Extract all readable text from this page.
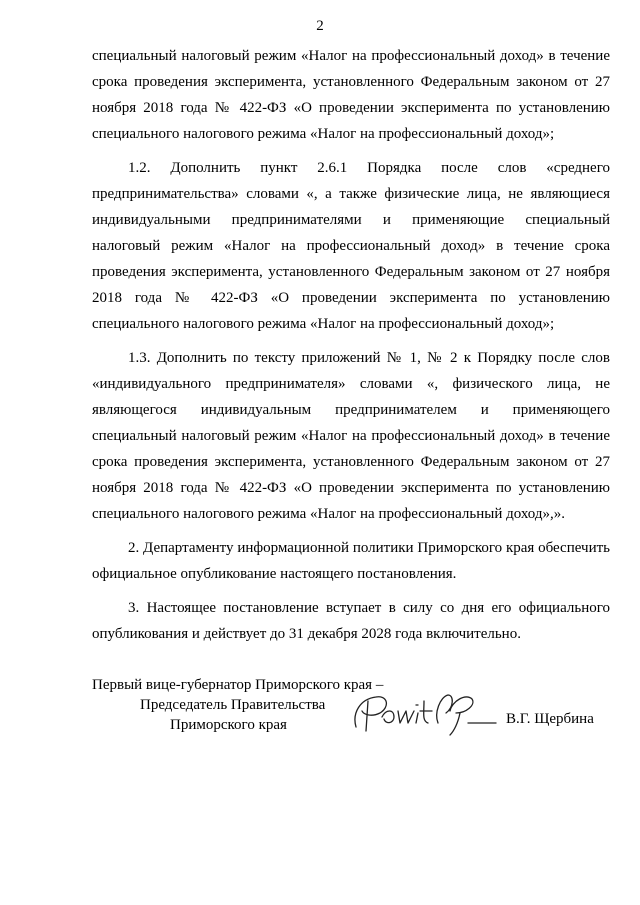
2

специальный налоговый режим «Налог на профессиональный доход» в течение срока проведения эксперимента, установленного Федеральным законом от 27 ноября 2018 года № 422-ФЗ «О проведении эксперимента по установлению специального налогового режима «Налог на профессиональный доход»;

1.2. Дополнить пункт 2.6.1 Порядка после слов «среднего предпринимательства» словами «, а также физические лица, не являющиеся индивидуальными предпринимателями и применяющие специальный налоговый режим «Налог на профессиональный доход» в течение срока проведения эксперимента, установленного Федеральным законом от 27 ноября 2018 года № 422-ФЗ «О проведении эксперимента по установлению специального налогового режима «Налог на профессиональный доход»;

1.3. Дополнить по тексту приложений № 1, № 2 к Порядку после слов «индивидуального предпринимателя» словами «, физического лица, не являющегося индивидуальным предпринимателем и применяющего специальный налоговый режим «Налог на профессиональный доход» в течение срока проведения эксперимента, установленного Федеральным законом от 27 ноября 2018 года № 422-ФЗ «О проведении эксперимента по установлению специального налогового режима «Налог на профессиональный доход»,».

2. Департаменту информационной политики Приморского края обеспечить официальное опубликование настоящего постановления.

3. Настоящее постановление вступает в силу со дня его официального опубликования и действует до 31 декабря 2028 года включительно.

Первый вице-губернатор Приморского края –
Председатель Правительства
Приморского края	В.Г. Щербина
